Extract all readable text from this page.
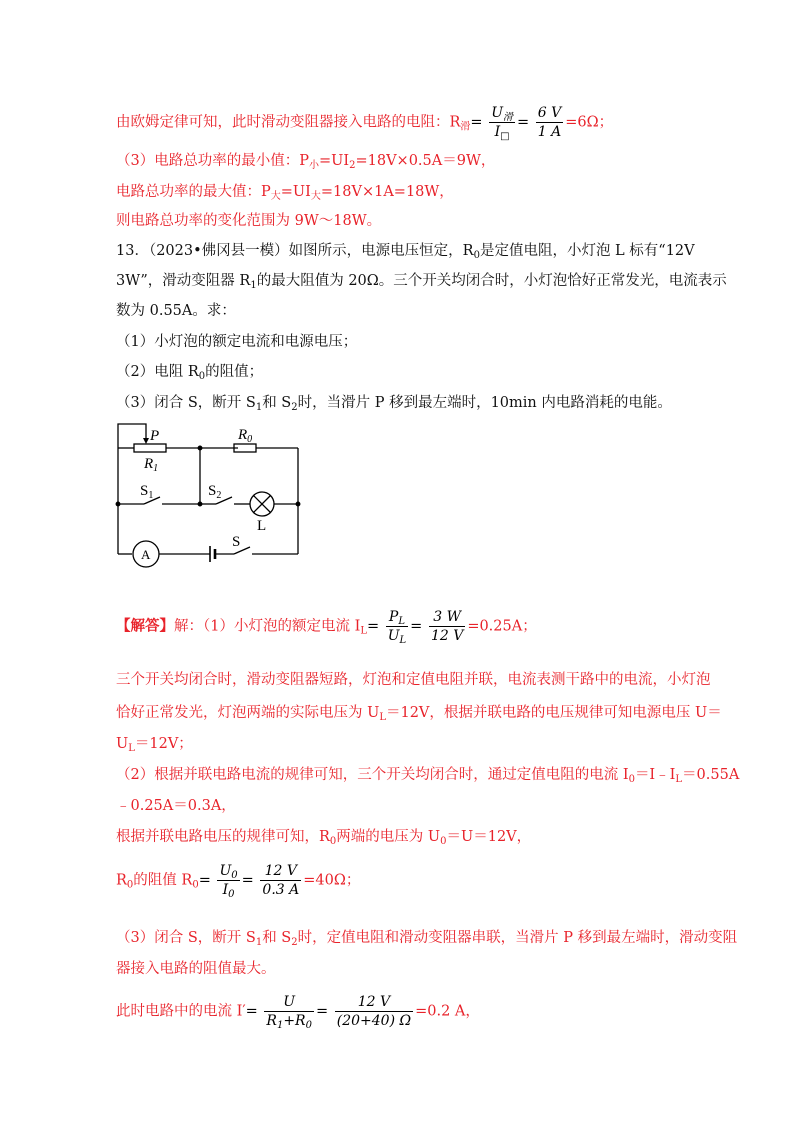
由欧姆定律可知，此时滑动变阻器接入电路的电阻：$R_滑= \frac{U_滑}{I_□} = \frac{6 V}{1 A} =6\Omega$；
（3）电路总功率的最小值：$P_小=UI_2=18V\times 0.5A=9W$，
电路总功率的最大值：$P_大=UI_大=18V\times 1A=18W$，
则电路总功率的变化范围为 9W～18W。
13．（2023•佛冈县一模）如图所示，电源电压恒定，$R_0$是定值电阻，小灯泡 L 标有“12V
3W”，滑动变阻器 $R_1$的最大阻值为 20Ω。三个开关均闭合时，小灯泡恰好正常发光，电流表示
数为 0.55A。求：
（1）小灯泡的额定电流和电源电压；
（2）电阻 $R_0$的阻值；
（3）闭合 S，断开 $S_1$和 $S_2$时，当滑片 P 移到最左端时，10min 内电路消耗的电能。
P
$R_1$
$R_0$
$S_1$	$S_2$
L
S
A
【解答】解：（1）小灯泡的额定电流 $I_L= \frac{P_L}{U_L} = \frac{3 W}{12 V} =0.25A$；
三个开关均闭合时，滑动变阻器短路，灯泡和定值电阻并联，电流表测干路中的电流，小灯泡
恰好正常发光，灯泡两端的实际电压为 $U_L=12V$，根据并联电路的电压规律可知电源电压 U＝
$U_L=12V$；
（2）根据并联电路电流的规律可知，三个开关均闭合时，通过定值电阻的电流 $I_0=I﹣I_L=0.55A$
﹣0.25A＝0.3A，
根据并联电路电压的规律可知，$R_0$两端的电压为 $U_0=U=12V$，
$R_0$的阻值 $R_0= \frac{U_0}{I_0} = \frac{12 V}{0.3 A} =40\Omega$；
（3）闭合 S，断开 $S_1$和 $S_2$时，定值电阻和滑动变阻器串联，当滑片 P 移到最左端时，滑动变阻
器接入电路的阻值最大。
此时电路中的电流 $I'= \frac{U}{R_1+R_0} = \frac{12 V}{(20+40) \Omega} =0.2$ A，
